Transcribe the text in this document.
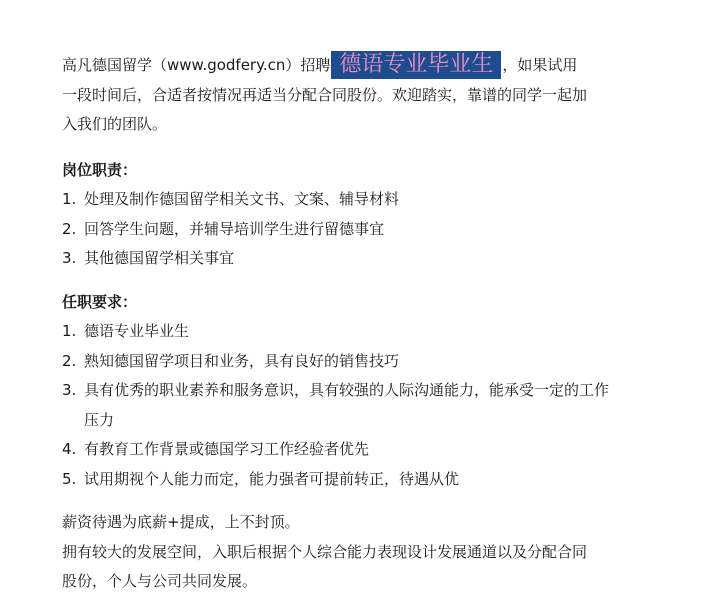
高凡德国留学（www.godfery.cn）招聘 德语专业毕业生 ，如果试用
一段时间后，合适者按情况再适当分配合同股份。欢迎踏实，靠谱的同学一起加
入我们的团队。
岗位职责：
1. 处理及制作德国留学相关文书、文案、辅导材料
2. 回答学生问题，并辅导培训学生进行留德事宜
3. 其他德国留学相关事宜
任职要求：
1. 德语专业毕业生
2. 熟知德国留学项目和业务，具有良好的销售技巧
3. 具有优秀的职业素养和服务意识，具有较强的人际沟通能力，能承受一定的工作压力
4. 有教育工作背景或德国学习工作经验者优先
5. 试用期视个人能力而定，能力强者可提前转正，待遇从优
薪资待遇为底薪+提成，上不封顶。
拥有较大的发展空间，入职后根据个人综合能力表现设计发展通道以及分配合同
股份，个人与公司共同发展。
